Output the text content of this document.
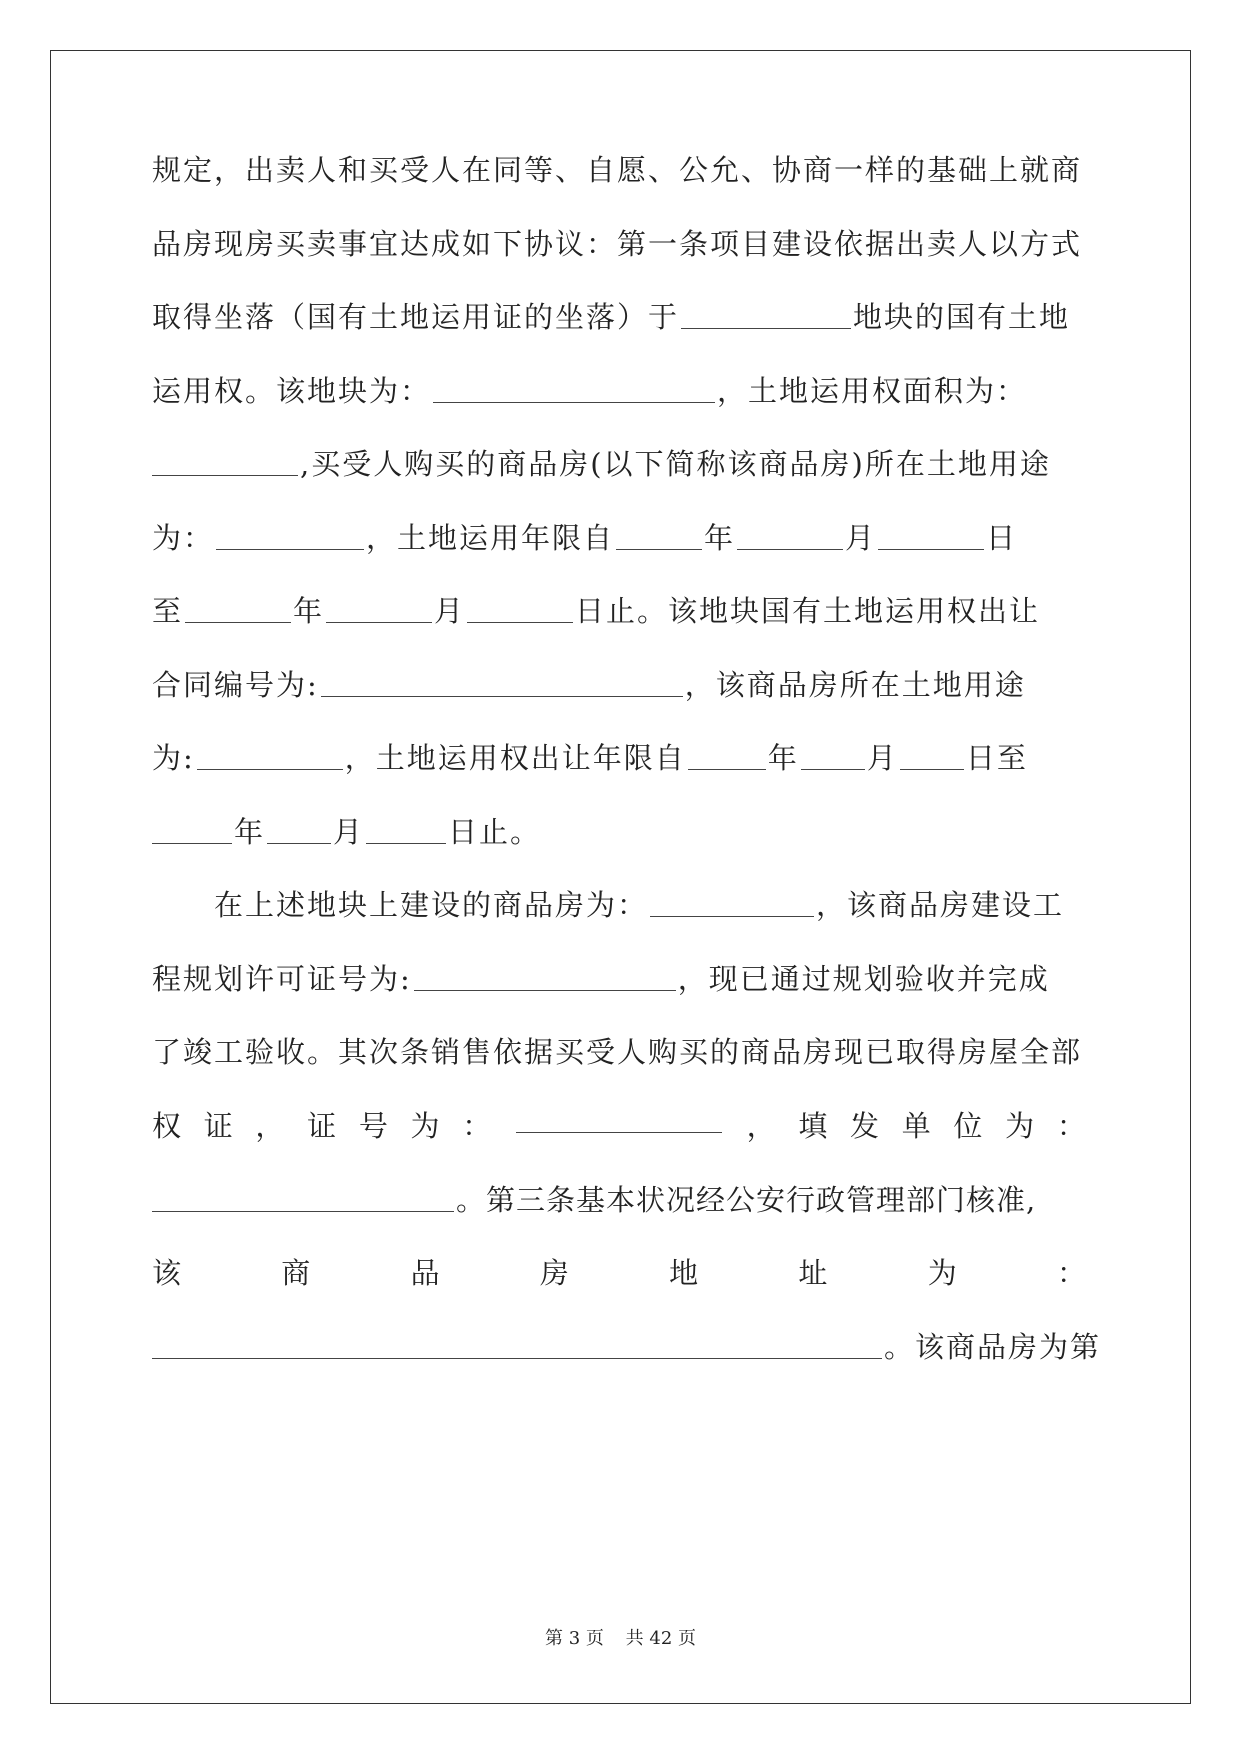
规定，出卖人和买受人在同等、自愿、公允、协商一样的基础上就商
品房现房买卖事宜达成如下协议：第一条项目建设依据出卖人以方式
取得坐落（国有土地运用证的坐落）于	地块的国有土地
运用权。该地块为：	，土地运用权面积为：
,买受人购买的商品房(以下简称该商品房)所在土地用途
为：	，土地运用年限自	年	月	日
至	年	月	日止。该地块国有土地运用权出让
合同编号为:	，该商品房所在土地用途
为:	，土地运用权出让年限自	年 月 日至
年 月	日止。
在上述地块上建设的商品房为：	，该商品房建设工
程规划许可证号为:	，现已通过规划验收并完成
了竣工验收。其次条销售依据买受人购买的商品房现已取得房屋全部
权 证 ， 证 号 为 ：	， 填 发 单 位 为 ：
。第三条基本状况经公安行政管理部门核准,
该	商	品	房	地	址	为	：
。该商品房为第
第 3 页 共 42 页
